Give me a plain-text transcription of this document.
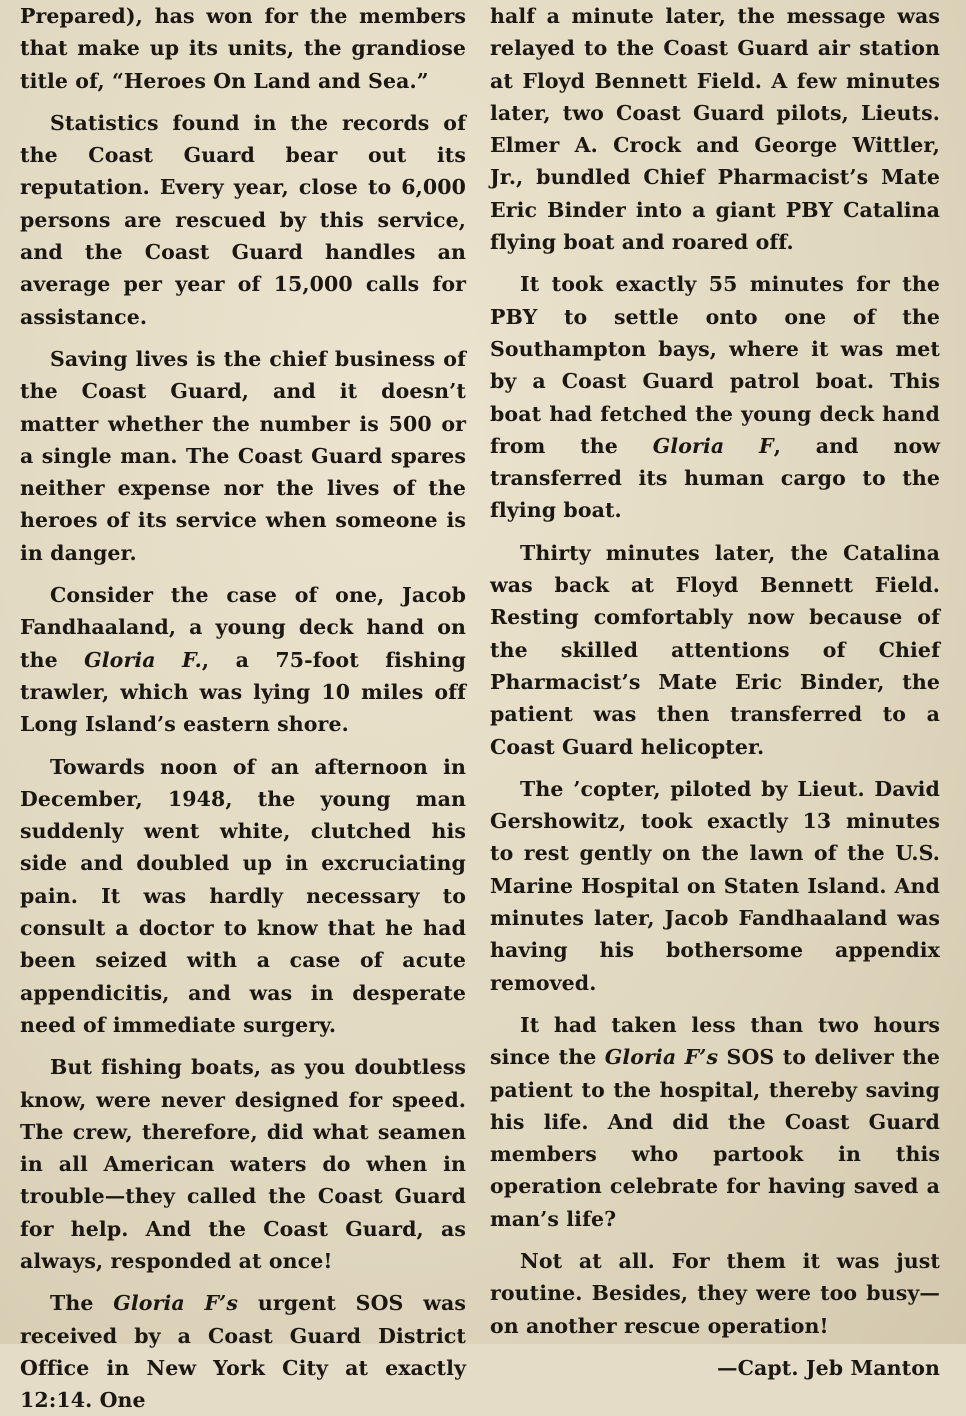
Prepared), has won for the members that make up its units, the grandiose title of, “Heroes On Land and Sea.”

Statistics found in the records of the Coast Guard bear out its reputation. Every year, close to 6,000 persons are rescued by this service, and the Coast Guard handles an average per year of 15,000 calls for assistance.

Saving lives is the chief business of the Coast Guard, and it doesn’t matter whether the number is 500 or a single man. The Coast Guard spares neither expense nor the lives of the heroes of its service when someone is in danger.

Consider the case of one, Jacob Fandhaaland, a young deck hand on the Gloria F., a 75-foot fishing trawler, which was lying 10 miles off Long Island’s eastern shore.

Towards noon of an afternoon in December, 1948, the young man suddenly went white, clutched his side and doubled up in excruciating pain. It was hardly necessary to consult a doctor to know that he had been seized with a case of acute appendicitis, and was in desperate need of immediate surgery.

But fishing boats, as you doubtless know, were never designed for speed. The crew, therefore, did what seamen in all American waters do when in trouble—they called the Coast Guard for help. And the Coast Guard, as always, responded at once!

The Gloria F’s urgent SOS was received by a Coast Guard District Office in New York City at exactly 12:14. One

half a minute later, the message was relayed to the Coast Guard air station at Floyd Bennett Field. A few minutes later, two Coast Guard pilots, Lieuts. Elmer A. Crock and George Wittler, Jr., bundled Chief Pharmacist’s Mate Eric Binder into a giant PBY Catalina flying boat and roared off.

It took exactly 55 minutes for the PBY to settle onto one of the Southampton bays, where it was met by a Coast Guard patrol boat. This boat had fetched the young deck hand from the Gloria F, and now transferred its human cargo to the flying boat.

Thirty minutes later, the Catalina was back at Floyd Bennett Field. Resting comfortably now because of the skilled attentions of Chief Pharmacist’s Mate Eric Binder, the patient was then transferred to a Coast Guard helicopter.

The ’copter, piloted by Lieut. David Gershowitz, took exactly 13 minutes to rest gently on the lawn of the U.S. Marine Hospital on Staten Island. And minutes later, Jacob Fandhaaland was having his bothersome appendix removed.

It had taken less than two hours since the Gloria F’s SOS to deliver the patient to the hospital, thereby saving his life. And did the Coast Guard members who partook in this operation celebrate for having saved a man’s life?

Not at all. For them it was just routine. Besides, they were too busy—on another rescue operation!

—Capt. Jeb Manton
